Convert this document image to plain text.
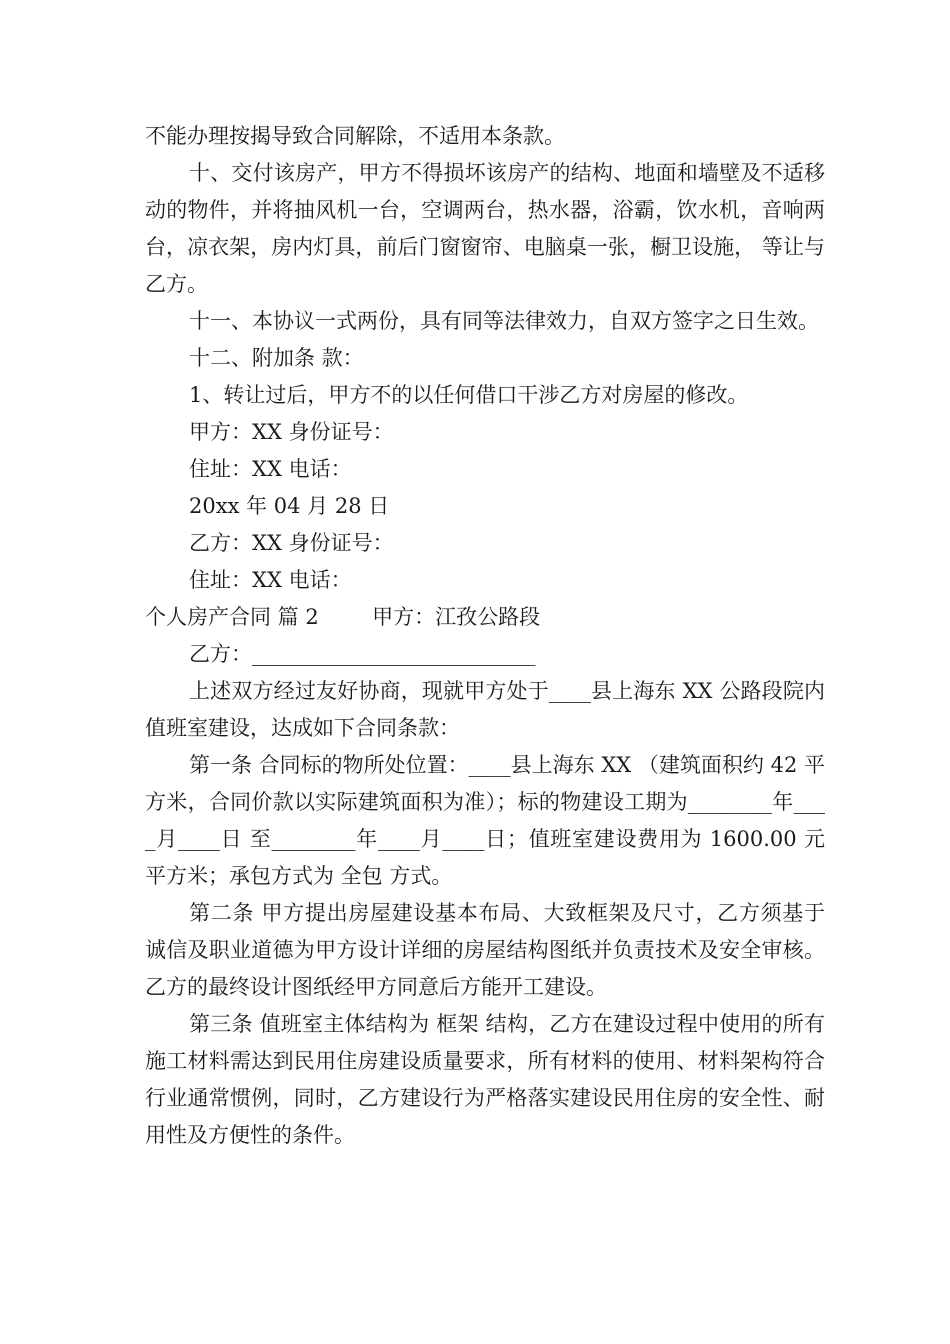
不能办理按揭导致合同解除，不适用本条款。

十、交付该房产，甲方不得损坏该房产的结构、地面和墙壁及不适移动的物件，并将抽风机一台，空调两台，热水器，浴霸，饮水机，音响两台，凉衣架，房内灯具，前后门窗窗帘、电脑桌一张，橱卫设施， 等让与乙方。

十一、本协议一式两份，具有同等法律效力，自双方签字之日生效。

十二、附加条 款：

1、转让过后，甲方不的以任何借口干涉乙方对房屋的修改。

甲方：XX 身份证号：

住址：XX 电话：

20xx 年 04 月 28 日

乙方：XX 身份证号：

住址：XX 电话：

个人房产合同 篇 2        甲方：江孜公路段

乙方：___________________________

上述双方经过友好协商，现就甲方处于____县上海东 XX 公路段院内值班室建设，达成如下合同条款：

第一条 合同标的物所处位置：____县上海东 XX （建筑面积约 42 平方米，合同价款以实际建筑面积为准）；标的物建设工期为________年____月____日 至________年____月____日；值班室建设费用为 1600.00 元平方米；承包方式为 全包 方式。

第二条 甲方提出房屋建设基本布局、大致框架及尺寸，乙方须基于诚信及职业道德为甲方设计详细的房屋结构图纸并负责技术及安全审核。乙方的最终设计图纸经甲方同意后方能开工建设。

第三条 值班室主体结构为 框架 结构，乙方在建设过程中使用的所有施工材料需达到民用住房建设质量要求，所有材料的使用、材料架构符合行业通常惯例，同时，乙方建设行为严格落实建设民用住房的安全性、耐用性及方便性的条件。
